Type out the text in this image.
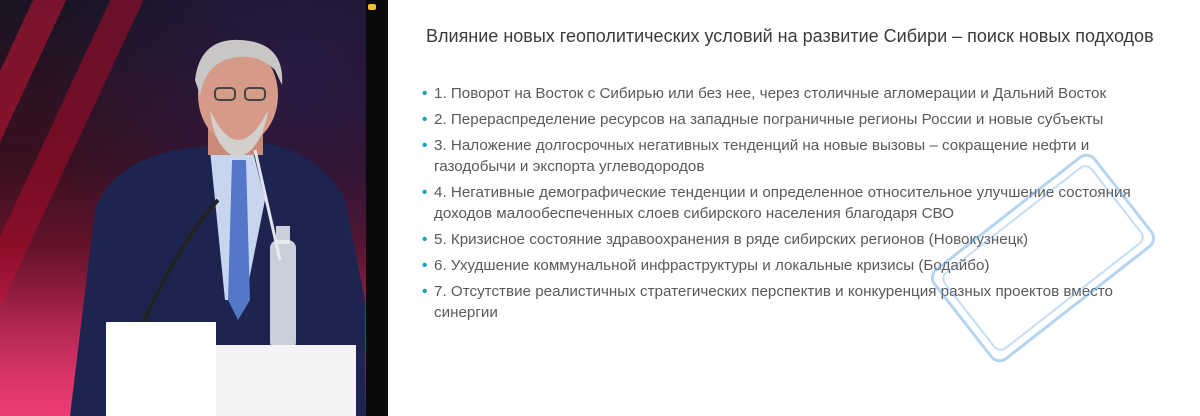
Влияние новых геополитических условий на развитие Сибири – поиск новых подходов
• 1. Поворот на Восток с Сибирью или без нее, через столичные агломерации и Дальний Восток
• 2. Перераспределение ресурсов на западные пограничные регионы России и новые субъекты
• 3. Наложение долгосрочных негативных тенденций на новые вызовы – сокращение нефти и газодобычи и экспорта углеводородов
• 4. Негативные демографические тенденции и определенное относительное улучшение состояния доходов малообеспеченных слоев сибирского населения благодаря СВО
• 5. Кризисное состояние здравоохранения в ряде сибирских регионов (Новокузнецк)
• 6. Ухудшение коммунальной инфраструктуры и локальные кризисы (Бодайбо)
• 7. Отсутствие реалистичных стратегических перспектив и конкуренция разных проектов вместо синергии
